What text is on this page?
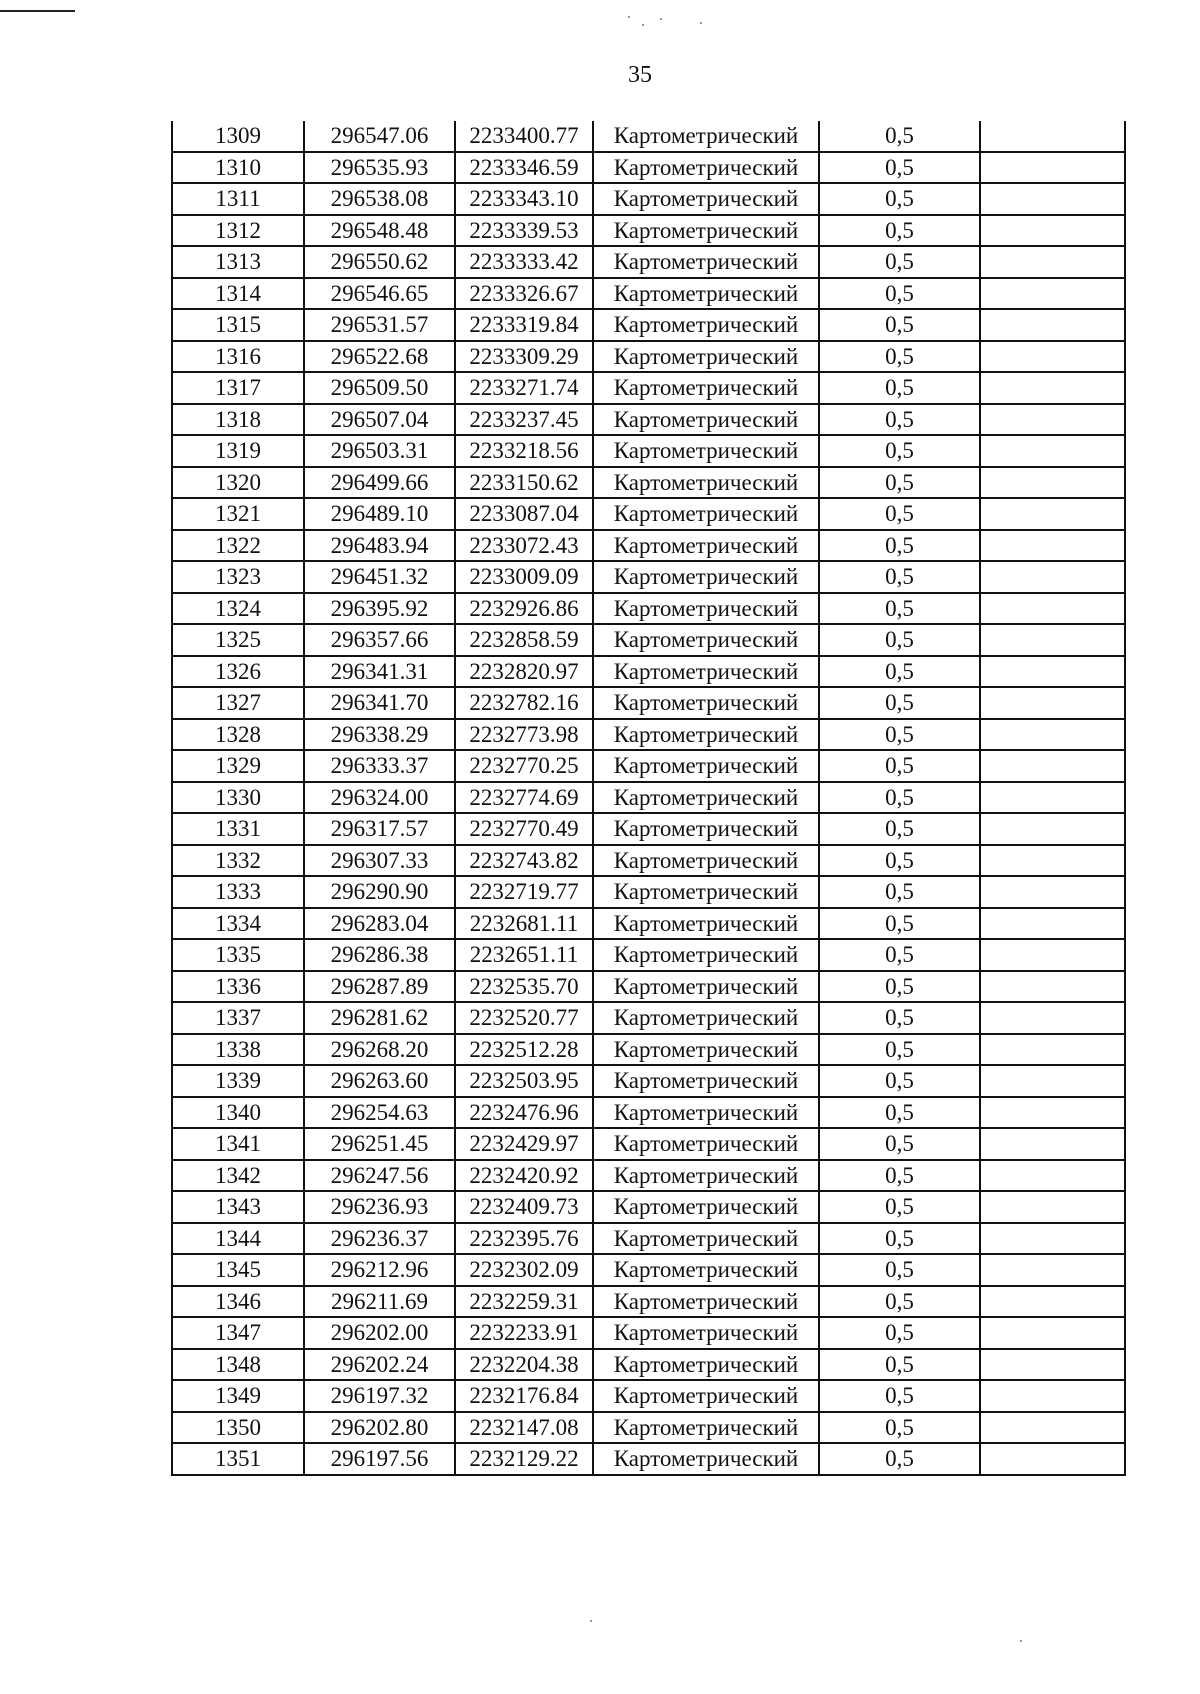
35
1309	296547.06	2233400.77	Картометрический	0,5	
1310	296535.93	2233346.59	Картометрический	0,5	
1311	296538.08	2233343.10	Картометрический	0,5	
1312	296548.48	2233339.53	Картометрический	0,5	
1313	296550.62	2233333.42	Картометрический	0,5	
1314	296546.65	2233326.67	Картометрический	0,5	
1315	296531.57	2233319.84	Картометрический	0,5	
1316	296522.68	2233309.29	Картометрический	0,5	
1317	296509.50	2233271.74	Картометрический	0,5	
1318	296507.04	2233237.45	Картометрический	0,5	
1319	296503.31	2233218.56	Картометрический	0,5	
1320	296499.66	2233150.62	Картометрический	0,5	
1321	296489.10	2233087.04	Картометрический	0,5	
1322	296483.94	2233072.43	Картометрический	0,5	
1323	296451.32	2233009.09	Картометрический	0,5	
1324	296395.92	2232926.86	Картометрический	0,5	
1325	296357.66	2232858.59	Картометрический	0,5	
1326	296341.31	2232820.97	Картометрический	0,5	
1327	296341.70	2232782.16	Картометрический	0,5	
1328	296338.29	2232773.98	Картометрический	0,5	
1329	296333.37	2232770.25	Картометрический	0,5	
1330	296324.00	2232774.69	Картометрический	0,5	
1331	296317.57	2232770.49	Картометрический	0,5	
1332	296307.33	2232743.82	Картометрический	0,5	
1333	296290.90	2232719.77	Картометрический	0,5	
1334	296283.04	2232681.11	Картометрический	0,5	
1335	296286.38	2232651.11	Картометрический	0,5	
1336	296287.89	2232535.70	Картометрический	0,5	
1337	296281.62	2232520.77	Картометрический	0,5	
1338	296268.20	2232512.28	Картометрический	0,5	
1339	296263.60	2232503.95	Картометрический	0,5	
1340	296254.63	2232476.96	Картометрический	0,5	
1341	296251.45	2232429.97	Картометрический	0,5	
1342	296247.56	2232420.92	Картометрический	0,5	
1343	296236.93	2232409.73	Картометрический	0,5	
1344	296236.37	2232395.76	Картометрический	0,5	
1345	296212.96	2232302.09	Картометрический	0,5	
1346	296211.69	2232259.31	Картометрический	0,5	
1347	296202.00	2232233.91	Картометрический	0,5	
1348	296202.24	2232204.38	Картометрический	0,5	
1349	296197.32	2232176.84	Картометрический	0,5	
1350	296202.80	2232147.08	Картометрический	0,5	
1351	296197.56	2232129.22	Картометрический	0,5	
